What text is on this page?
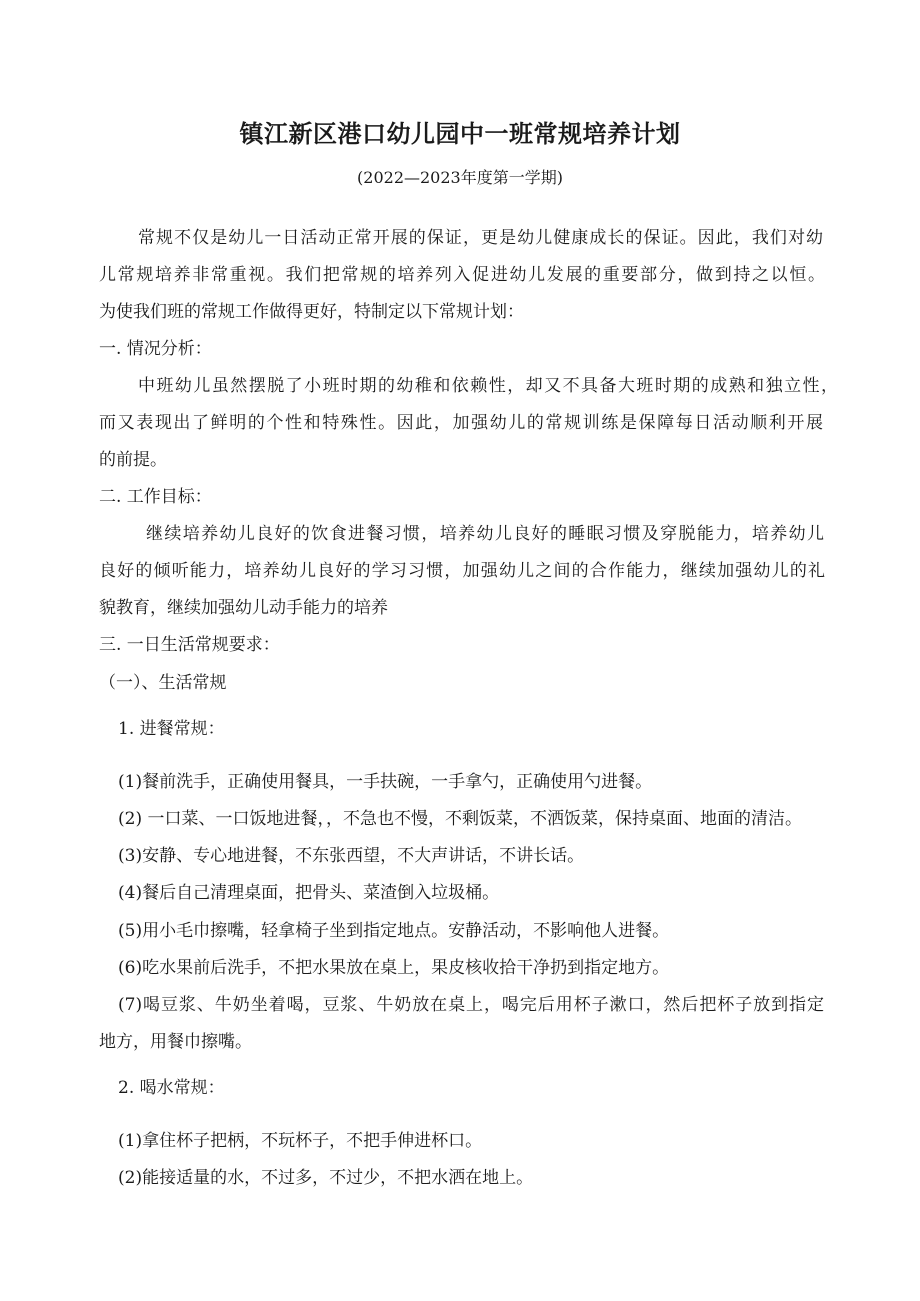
镇江新区港口幼儿园中一班常规培养计划
(2022—2023年度第一学期)
常规不仅是幼儿一日活动正常开展的保证，更是幼儿健康成长的保证。因此，我们对幼
儿常规培养非常重视。我们把常规的培养列入促进幼儿发展的重要部分，做到持之以恒。
为使我们班的常规工作做得更好，特制定以下常规计划：
一. 情况分析：
中班幼儿虽然摆脱了小班时期的幼稚和依赖性，却又不具备大班时期的成熟和独立性，
而又表现出了鲜明的个性和特殊性。因此，加强幼儿的常规训练是保障每日活动顺利开展
的前提。
二. 工作目标：
继续培养幼儿良好的饮食进餐习惯，培养幼儿良好的睡眠习惯及穿脱能力，培养幼儿
良好的倾听能力，培养幼儿良好的学习习惯，加强幼儿之间的合作能力，继续加强幼儿的礼
貌教育，继续加强幼儿动手能力的培养
三. 一日生活常规要求：
（一）、生活常规
1. 进餐常规：
(1)餐前洗手，正确使用餐具，一手扶碗，一手拿勺，正确使用勺进餐。
(2) 一口菜、一口饭地进餐，，不急也不慢，不剩饭菜，不洒饭菜，保持桌面、地面的清洁。
(3)安静、专心地进餐，不东张西望，不大声讲话，不讲长话。
(4)餐后自己清理桌面，把骨头、菜渣倒入垃圾桶。
(5)用小毛巾擦嘴，轻拿椅子坐到指定地点。安静活动，不影响他人进餐。
(6)吃水果前后洗手，不把水果放在桌上，果皮核收拾干净扔到指定地方。
(7)喝豆浆、牛奶坐着喝，豆浆、牛奶放在桌上，喝完后用杯子漱口，然后把杯子放到指定
地方，用餐巾擦嘴。
2. 喝水常规：
(1)拿住杯子把柄，不玩杯子，不把手伸进杯口。
(2)能接适量的水，不过多，不过少，不把水洒在地上。
